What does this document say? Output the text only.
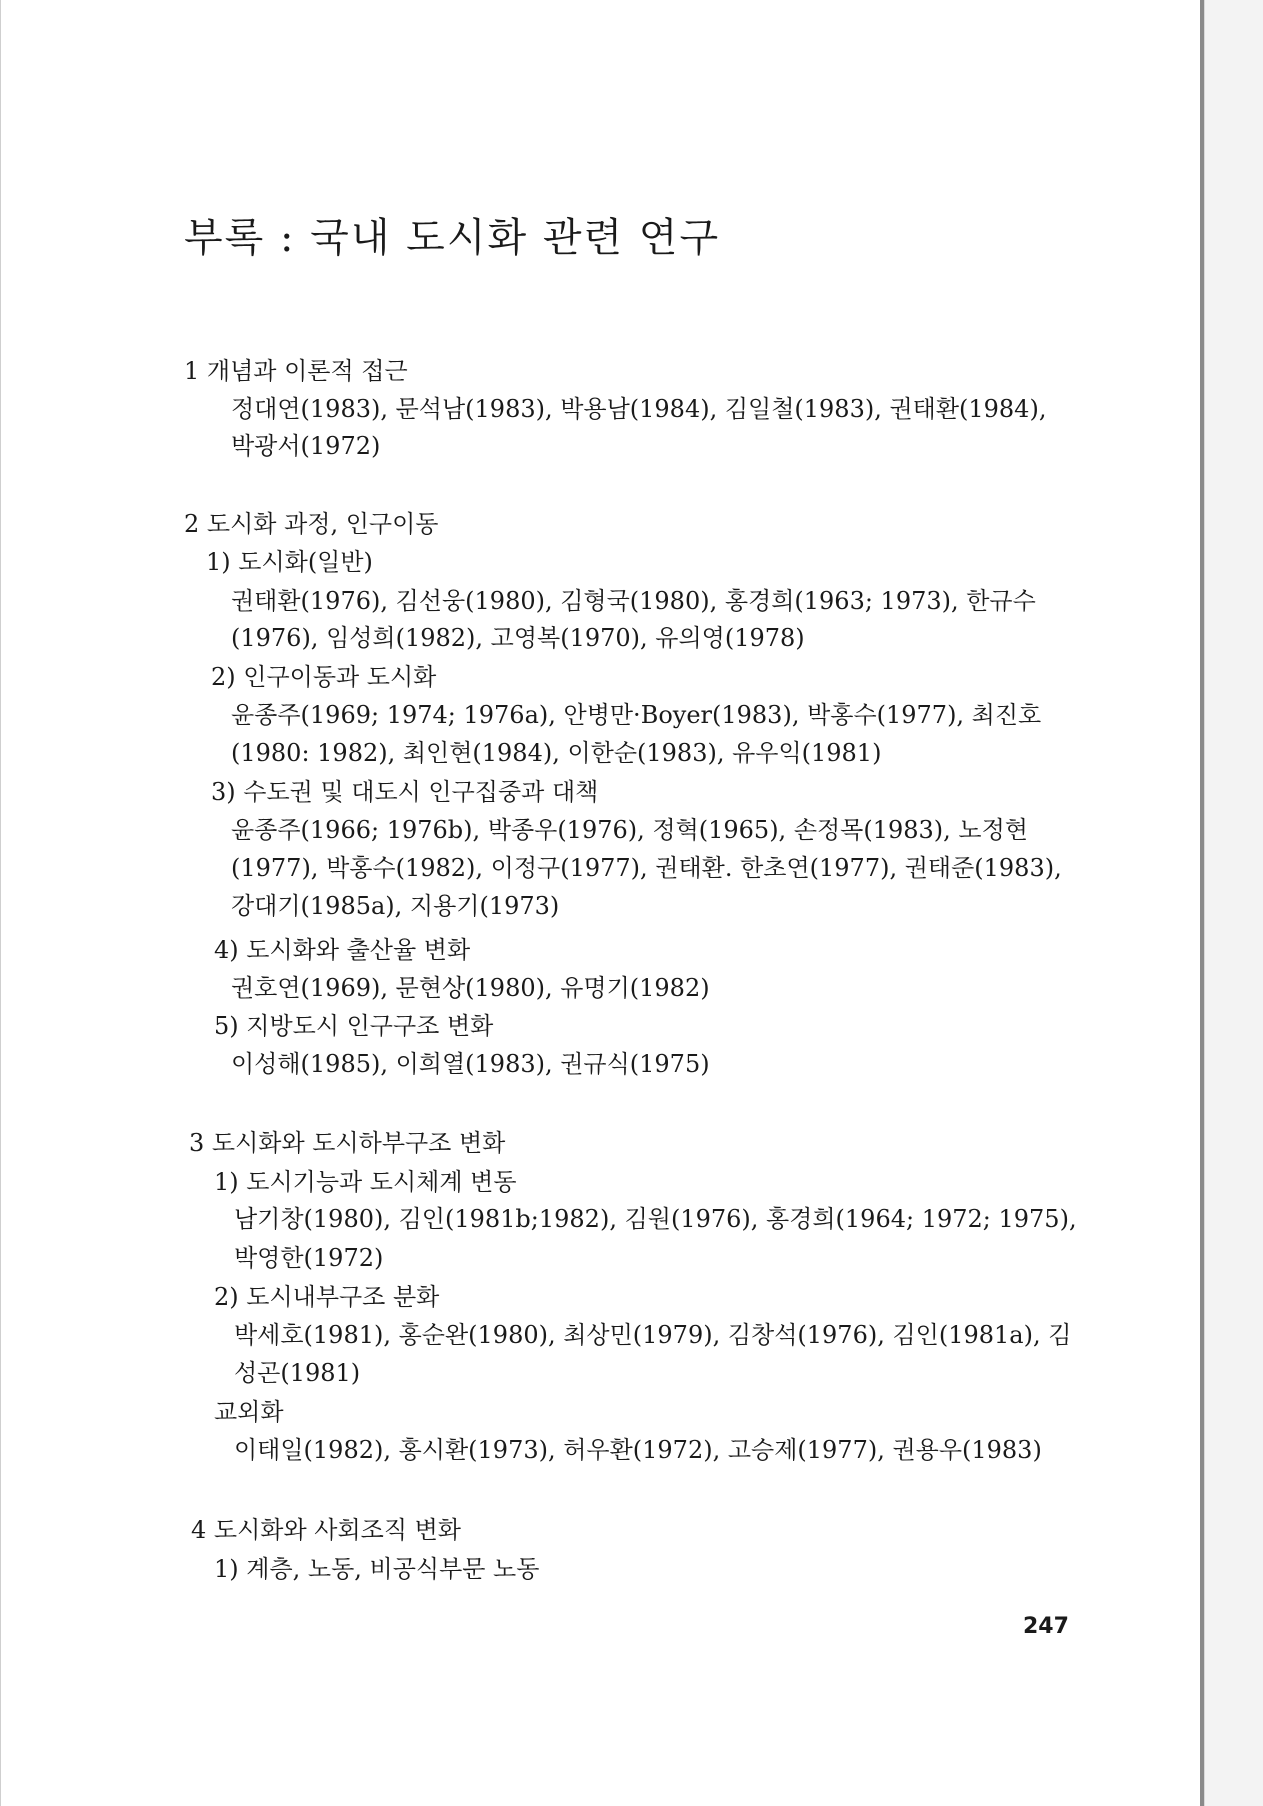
부록 : 국내 도시화 관련 연구

1 개념과 이론적 접근

정대연(1983), 문석남(1983), 박용남(1984), 김일철(1983), 권태환(1984),

박광서(1972)

2 도시화 과정, 인구이동

1) 도시화(일반)

권태환(1976), 김선웅(1980), 김형국(1980), 홍경희(1963; 1973), 한규수

(1976), 임성희(1982), 고영복(1970), 유의영(1978)

2) 인구이동과 도시화

윤종주(1969; 1974; 1976a), 안병만·Boyer(1983), 박홍수(1977), 최진호

(1980: 1982), 최인현(1984), 이한순(1983), 유우익(1981)

3) 수도권 및 대도시 인구집중과 대책

윤종주(1966; 1976b), 박종우(1976), 정혁(1965), 손정목(1983), 노정현

(1977), 박홍수(1982), 이정구(1977), 권태환. 한초연(1977), 권태준(1983),

강대기(1985a), 지용기(1973)

4) 도시화와 출산율 변화

권호연(1969), 문현상(1980), 유명기(1982)

5) 지방도시 인구구조 변화

이성해(1985), 이희열(1983), 권규식(1975)

3 도시화와 도시하부구조 변화

1) 도시기능과 도시체계 변동

남기창(1980), 김인(1981b;1982), 김원(1976), 홍경희(1964; 1972; 1975),

박영한(1972)

2) 도시내부구조 분화

박세호(1981), 홍순완(1980), 최상민(1979), 김창석(1976), 김인(1981a), 김

성곤(1981)

교외화

이태일(1982), 홍시환(1973), 허우환(1972), 고승제(1977), 권용우(1983)

4 도시화와 사회조직 변화

1) 계층, 노동, 비공식부문 노동

247
